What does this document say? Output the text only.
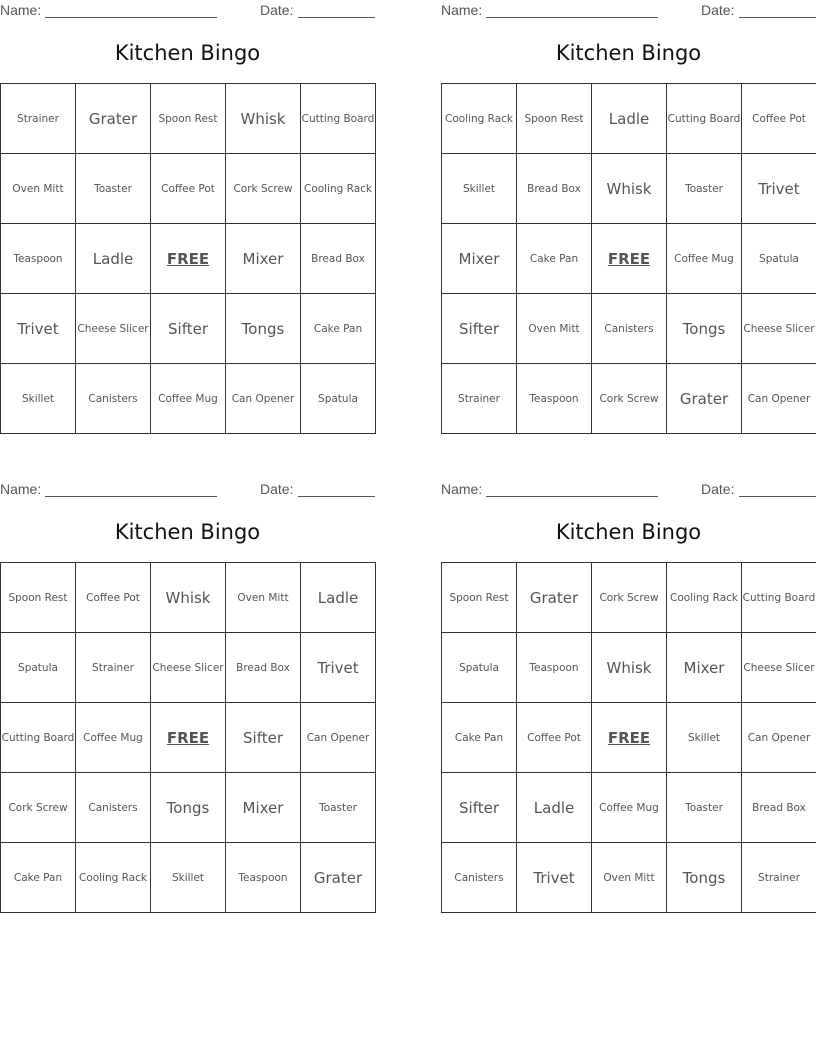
Name:	Date:
Kitchen Bingo
Strainer	Grater	Spoon Rest	Whisk	Cutting Board
Oven Mitt	Toaster	Coffee Pot	Cork Screw	Cooling Rack
Teaspoon	Ladle	FREE	Mixer	Bread Box
Trivet	Cheese Slicer	Sifter	Tongs	Cake Pan
Skillet	Canisters	Coffee Mug	Can Opener	Spatula
Name:	Date:
Kitchen Bingo
Cooling Rack	Spoon Rest	Ladle	Cutting Board	Coffee Pot
Skillet	Bread Box	Whisk	Toaster	Trivet
Mixer	Cake Pan	FREE	Coffee Mug	Spatula
Sifter	Oven Mitt	Canisters	Tongs	Cheese Slicer
Strainer	Teaspoon	Cork Screw	Grater	Can Opener
Name:	Date:
Kitchen Bingo
Spoon Rest	Coffee Pot	Whisk	Oven Mitt	Ladle
Spatula	Strainer	Cheese Slicer	Bread Box	Trivet
Cutting Board	Coffee Mug	FREE	Sifter	Can Opener
Cork Screw	Canisters	Tongs	Mixer	Toaster
Cake Pan	Cooling Rack	Skillet	Teaspoon	Grater
Name:	Date:
Kitchen Bingo
Spoon Rest	Grater	Cork Screw	Cooling Rack	Cutting Board
Spatula	Teaspoon	Whisk	Mixer	Cheese Slicer
Cake Pan	Coffee Pot	FREE	Skillet	Can Opener
Sifter	Ladle	Coffee Mug	Toaster	Bread Box
Canisters	Trivet	Oven Mitt	Tongs	Strainer
